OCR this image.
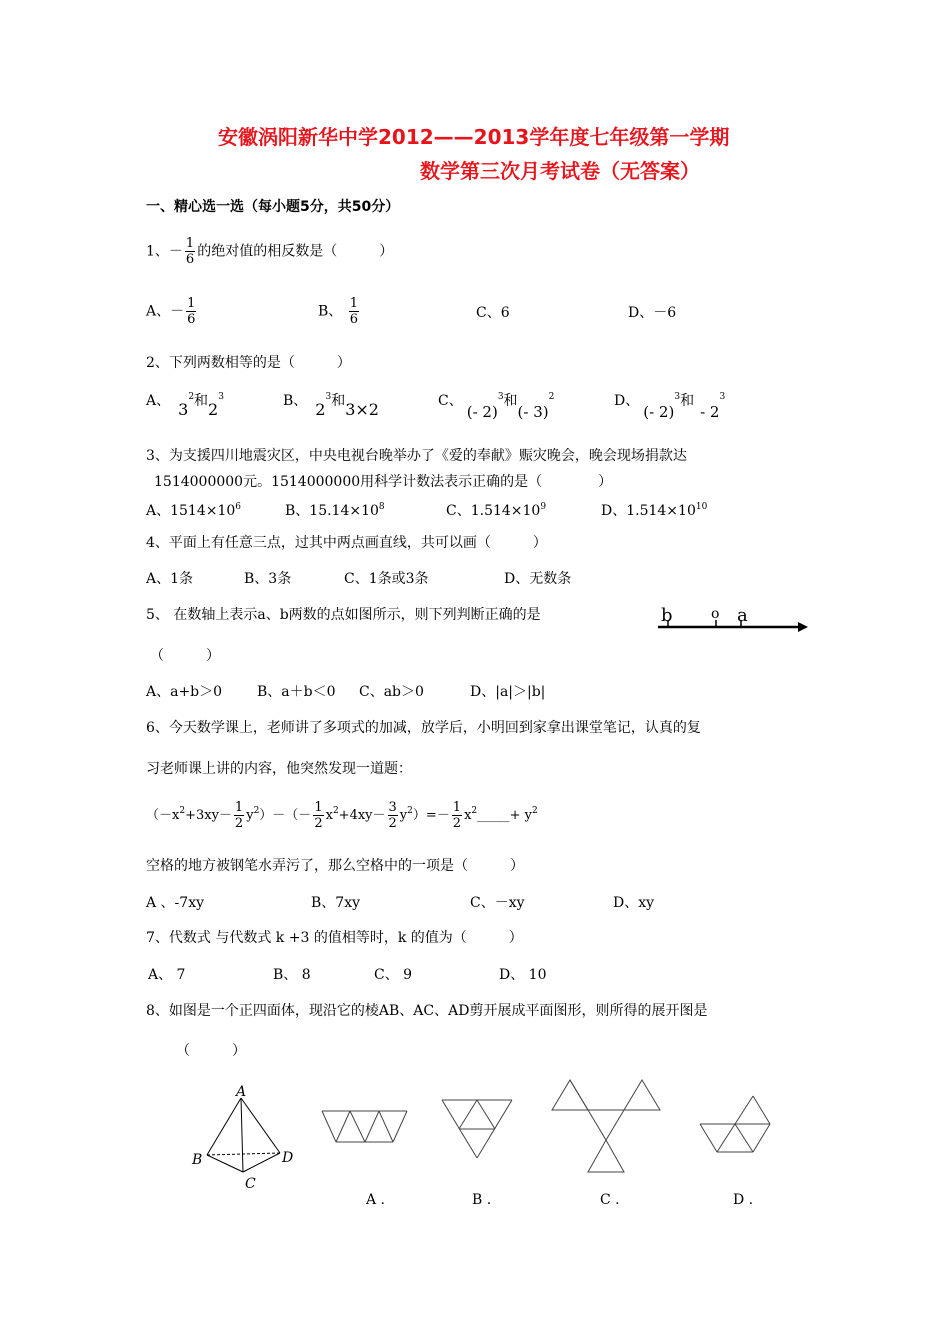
安徽涡阳新华中学2012——2013学年度七年级第一学期
数学第三次月考试卷（无答案）
一、精心选一选（每小题5分，共50分）
1、－ $\frac{1}{6}$ 的绝对值的相反数是（　　　）
A、－ $\frac{1}{6}$	B、 $\frac{1}{6}$	C、6	D、－6
2、下列两数相等的是（　　　）
A、 $3^2$和$2^3$	B、 $2^3$和3×2	C、(- 2)$^3$和(- 3)$^2$	D、(- 2)$^3$和- $2^3$
3、为支援四川地震灾区，中央电视台晚举办了《爱的奉献》赈灾晚会，晚会现场捐款达
1514000000元。1514000000用科学计数法表示正确的是（　　　　）
A、$1514\times 10^6$	B、$15.14\times 10^8$	C、$1.514\times 10^9$	D、$1.514\times 10^{10}$
4、平面上有任意三点，过其中两点画直线，共可以画（　　　）
A、1条	B、3条	C、1条或3条	D、无数条
5、 在数轴上表示a、b两数的点如图所示，则下列判断正确的是	b	o a
（　　　）
A、a+b＞0 B、a＋b＜0 C、ab＞0	D、|a|＞|b|
6、今天数学课上，老师讲了多项式的加减，放学后，小明回到家拿出课堂笔记，认真的复
习老师课上讲的内容，他突然发现一道题：
$(-x^2+3xy- \frac{1}{2} y^2)-(- \frac{1}{2} x^2+4xy- \frac{3}{2} y^2)=- \frac{1}{2}$ $x^2\_\_\_\_\_+ y^2$
空格的地方被钢笔水弄污了，那么空格中的一项是（　　　）
A 、-7xy	B、7xy	C、－xy	D、xy
7、代数式 与代数式 k +3 的值相等时，k 的值为（　　　）
A、 7	B、 8	C、 9	D、 10
8、如图是一个正四面体，现沿它的棱AB、AC、AD剪开展成平面图形，则所得的展开图是
（　　　）
A
B
C
D
A .	B .	C .	D .
